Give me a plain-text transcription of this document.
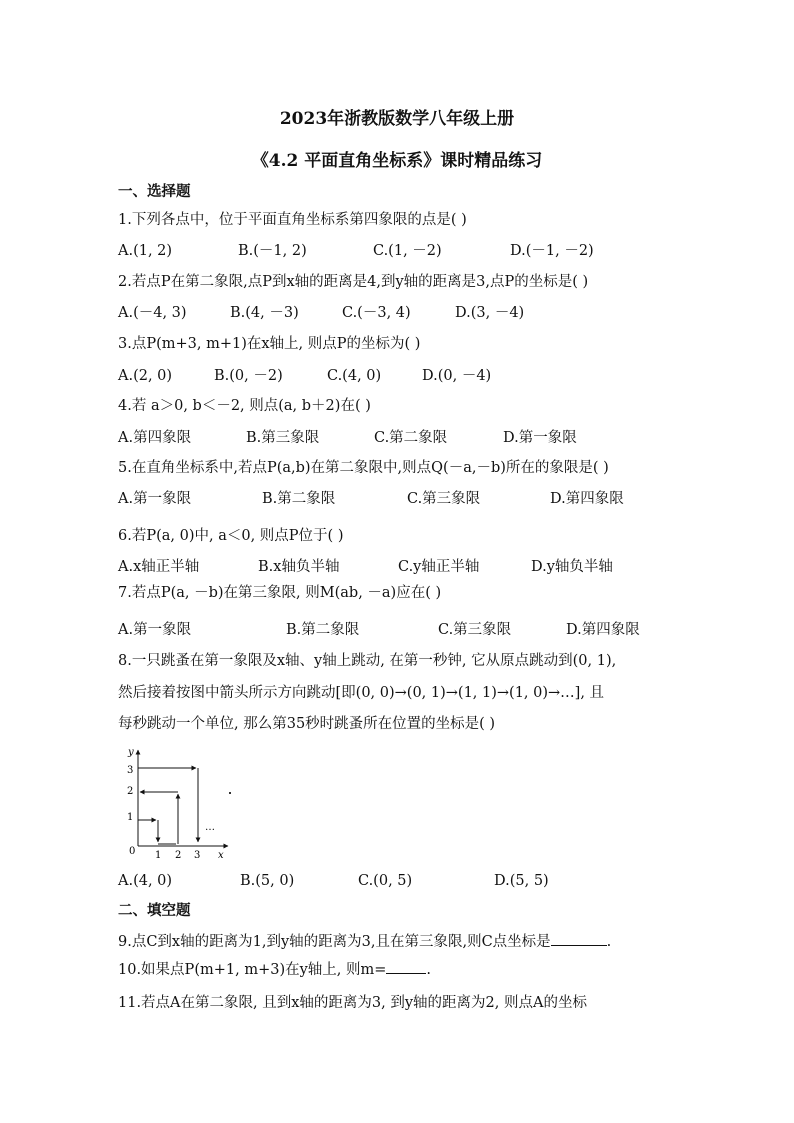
2023年浙教版数学八年级上册
《4.2 平面直角坐标系》课时精品练习
一、选择题
1.下列各点中，位于平面直角坐标系第四象限的点是( )
A.(1, 2)	B.(－1, 2)	C.(1, －2)	D.(－1, －2)
2.若点P在第二象限,点P到x轴的距离是4,到y轴的距离是3,点P的坐标是( )
A.(－4, 3)	B.(4, －3)	C.(－3, 4)	D.(3, －4)
3.点P(m+3, m+1)在x轴上, 则点P的坐标为( )
A.(2, 0)	B.(0, －2)	C.(4, 0)	D.(0, －4)
4.若 a＞0, b＜－2, 则点(a, b＋2)在( )
A.第四象限	B.第三象限	C.第二象限	D.第一象限
5.在直角坐标系中,若点P(a,b)在第二象限中,则点Q(－a,－b)所在的象限是( )
A.第一象限	B.第二象限	C.第三象限	D.第四象限
6.若P(a, 0)中, a＜0, 则点P位于( )
A.x轴正半轴	B.x轴负半轴	C.y轴正半轴	D.y轴负半轴
7.若点P(a, －b)在第三象限, 则M(ab, －a)应在( )
A.第一象限	B.第二象限	C.第三象限	D.第四象限
8.一只跳蚤在第一象限及x轴、y轴上跳动, 在第一秒钟, 它从原点跳动到(0, 1),
然后接着按图中箭头所示方向跳动[即(0, 0)→(0, 1)→(1, 1)→(1, 0)→…], 且
每秒跳动一个单位, 那么第35秒时跳蚤所在位置的坐标是( )
y
x
0
3
2
1
1 2 3
…
A.(4, 0)	B.(5, 0)	C.(0, 5)	D.(5, 5)
二、填空题
9.点C到x轴的距离为1,到y轴的距离为3,且在第三象限,则C点坐标是	.
10.如果点P(m+1, m+3)在y轴上, 则m=	.
11.若点A在第二象限, 且到x轴的距离为3, 到y轴的距离为2, 则点A的坐标
